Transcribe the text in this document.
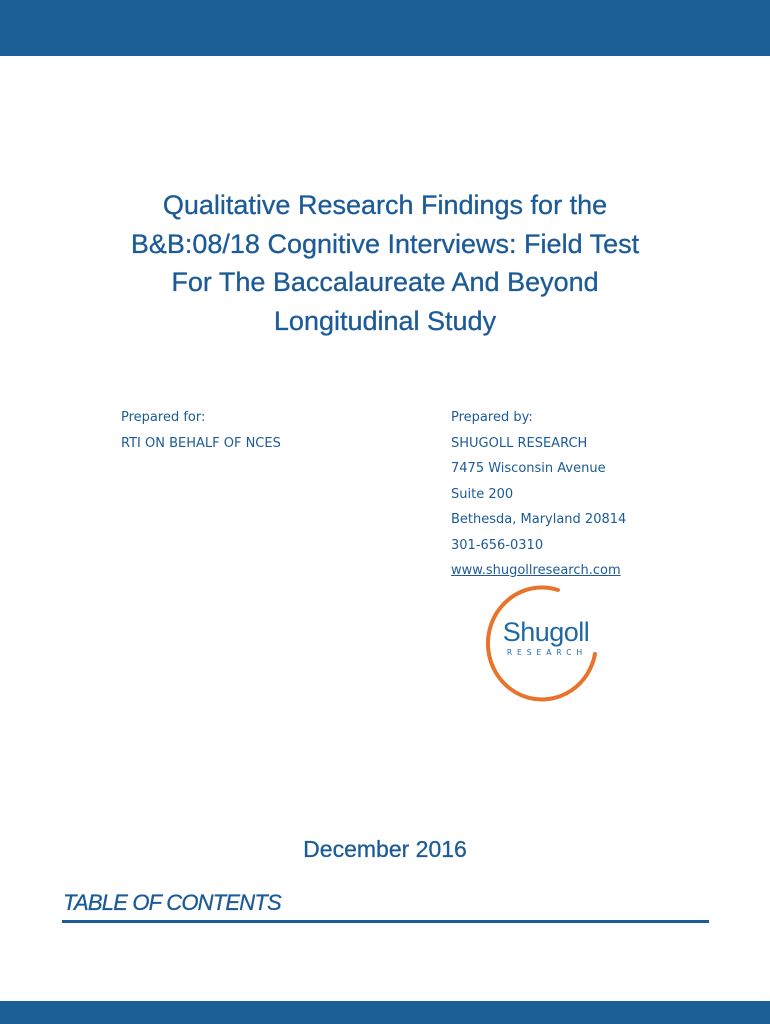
Qualitative Research Findings for the
B&B:08/18 Cognitive Interviews: Field Test
For The Baccalaureate And Beyond
Longitudinal Study
Prepared for:
RTI ON BEHALF OF NCES
Prepared by:
SHUGOLL RESEARCH
7475 Wisconsin Avenue
Suite 200
Bethesda, Maryland 20814
301-656-0310
www.shugollresearch.com
Shugoll
RESEARCH
December 2016
TABLE OF CONTENTS
